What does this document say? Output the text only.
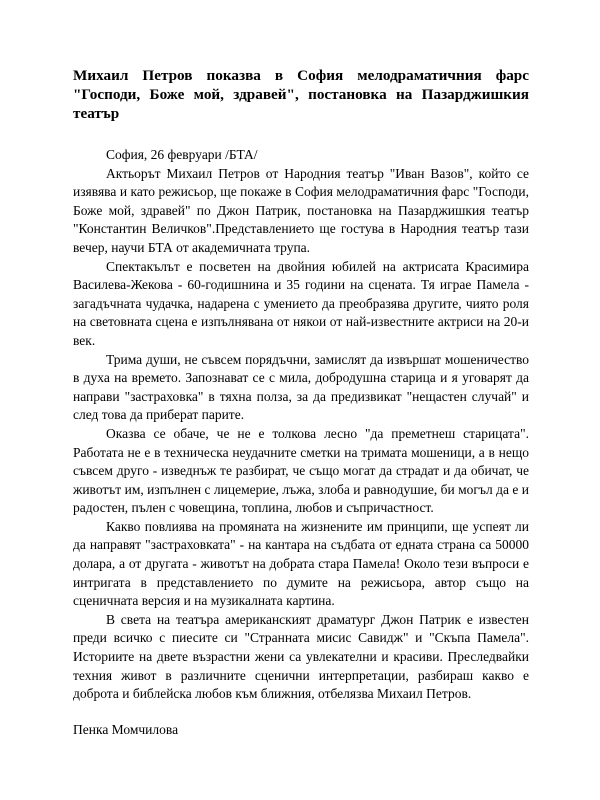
Михаил Петров показва в София мелодраматичния фарс "Господи, Боже мой, здравей", постановка на Пазарджишкия театър

София, 26 февруари /БТА/

Актьорът Михаил Петров от Народния театър "Иван Вазов", който се изявява и като режисьор, ще покаже в София мелодраматичния фарс "Господи, Боже мой, здравей" по Джон Патрик, постановка на Пазарджишкия театър "Константин Величков".Представлението ще гостува в Народния театър тази вечер, научи БТА от академичната трупа.

Спектакълът е посветен на двойния юбилей на актрисата Красимира Василева-Жекова - 60-годишнина и 35 години на сцената. Тя играе Памела - загадъчната чудачка, надарена с умението да преобразява другите, чиято роля на световната сцена е изпълнявана от някои от най-известните актриси на 20-и век.

Трима души, не съвсем порядъчни, замислят да извършат мошеничество в духа на времето. Запознават се с мила, добродушна старица и я уговарят да направи "застраховка" в тяхна полза, за да предизвикат "нещастен случай" и след това да приберат парите.

Оказва се обаче, че не е толкова лесно "да преметнеш старицата". Работата не е в техническа неудачните сметки на тримата мошеници, а в нещо съвсем друго - изведнъж те разбират, че също могат да страдат и да обичат, че животът им, изпълнен с лицемерие, лъжа, злоба и равнодушие, би могъл да е и радостен, пълен с човещина, топлина, любов и съпричастност.

Какво повлиява на промяната на жизнените им принципи, ще успеят ли да направят "застраховката" - на кантара на съдбата от едната страна са 50000 долара, а от другата - животът на добрата стара Памела! Около тези въпроси е интригата в представлението по думите на режисьора, автор също на сценичната версия и на музикалната картина.

В света на театъра американският драматург Джон Патрик е известен преди всичко с пиесите си "Странната мисис Савидж" и "Скъпа Памела". Историите на двете възрастни жени са увлекателни и красиви. Преследвайки техния живот в различните сценични интерпретации, разбираш какво е доброта и библейска любов към ближния, отбелязва Михаил Петров.

Пенка Момчилова
